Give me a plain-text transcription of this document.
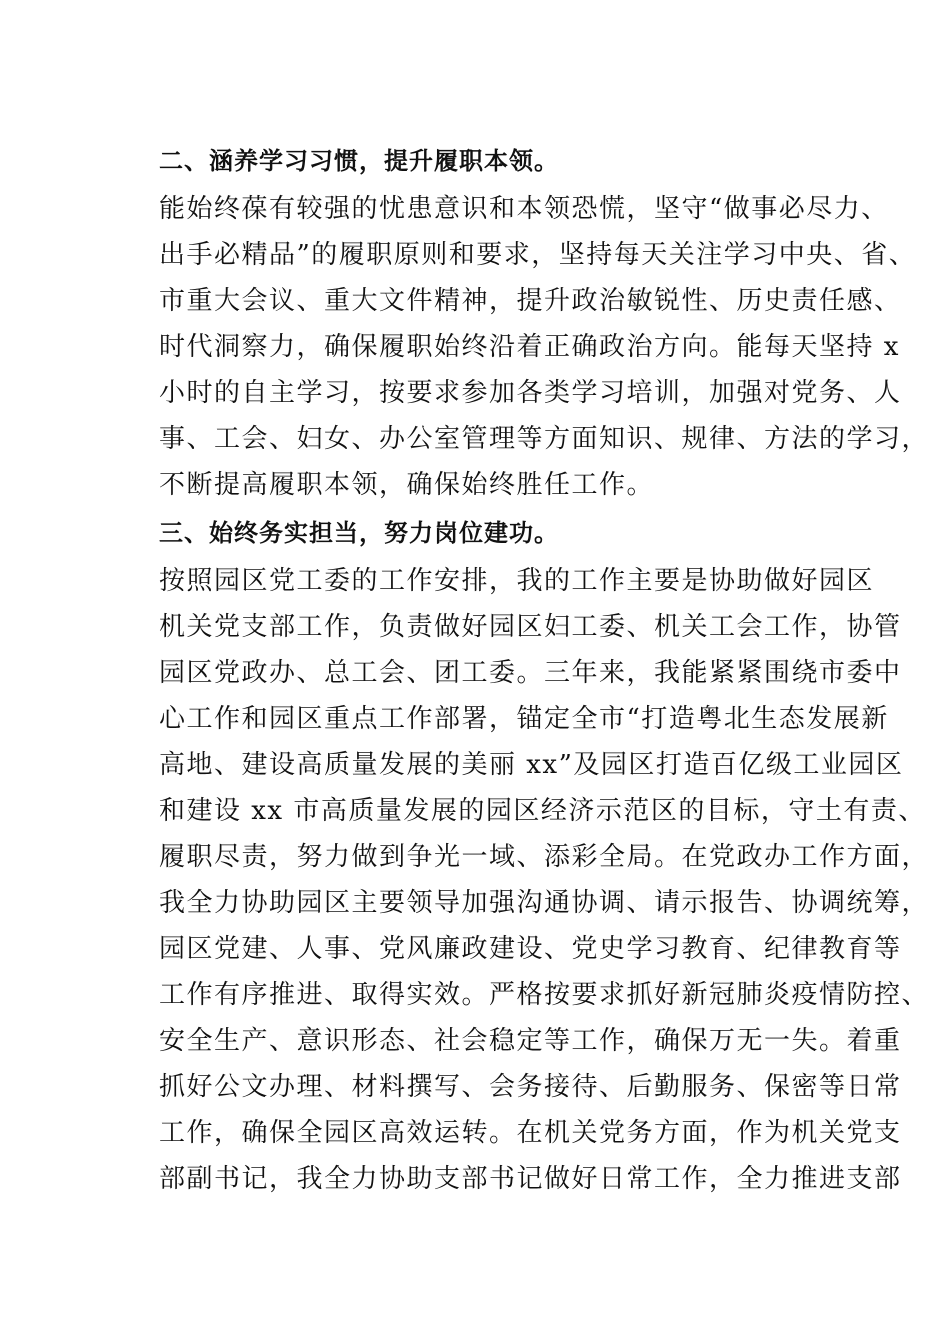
二、涵养学习习惯，提升履职本领。
能始终葆有较强的忧患意识和本领恐慌，坚守“做事必尽力、
出手必精品”的履职原则和要求，坚持每天关注学习中央、省、
市重大会议、重大文件精神，提升政治敏锐性、历史责任感、
时代洞察力，确保履职始终沿着正确政治方向。能每天坚持 x
小时的自主学习，按要求参加各类学习培训，加强对党务、人
事、工会、妇女、办公室管理等方面知识、规律、方法的学习，
不断提高履职本领，确保始终胜任工作。
三、始终务实担当，努力岗位建功。
按照园区党工委的工作安排，我的工作主要是协助做好园区
机关党支部工作，负责做好园区妇工委、机关工会工作，协管
园区党政办、总工会、团工委。三年来，我能紧紧围绕市委中
心工作和园区重点工作部署，锚定全市“打造粤北生态发展新
高地、建设高质量发展的美丽 xx”及园区打造百亿级工业园区
和建设 xx 市高质量发展的园区经济示范区的目标，守土有责、
履职尽责，努力做到争光一域、添彩全局。在党政办工作方面，
我全力协助园区主要领导加强沟通协调、请示报告、协调统筹，
园区党建、人事、党风廉政建设、党史学习教育、纪律教育等
工作有序推进、取得实效。严格按要求抓好新冠肺炎疫情防控、
安全生产、意识形态、社会稳定等工作，确保万无一失。着重
抓好公文办理、材料撰写、会务接待、后勤服务、保密等日常
工作，确保全园区高效运转。在机关党务方面，作为机关党支
部副书记，我全力协助支部书记做好日常工作，全力推进支部
